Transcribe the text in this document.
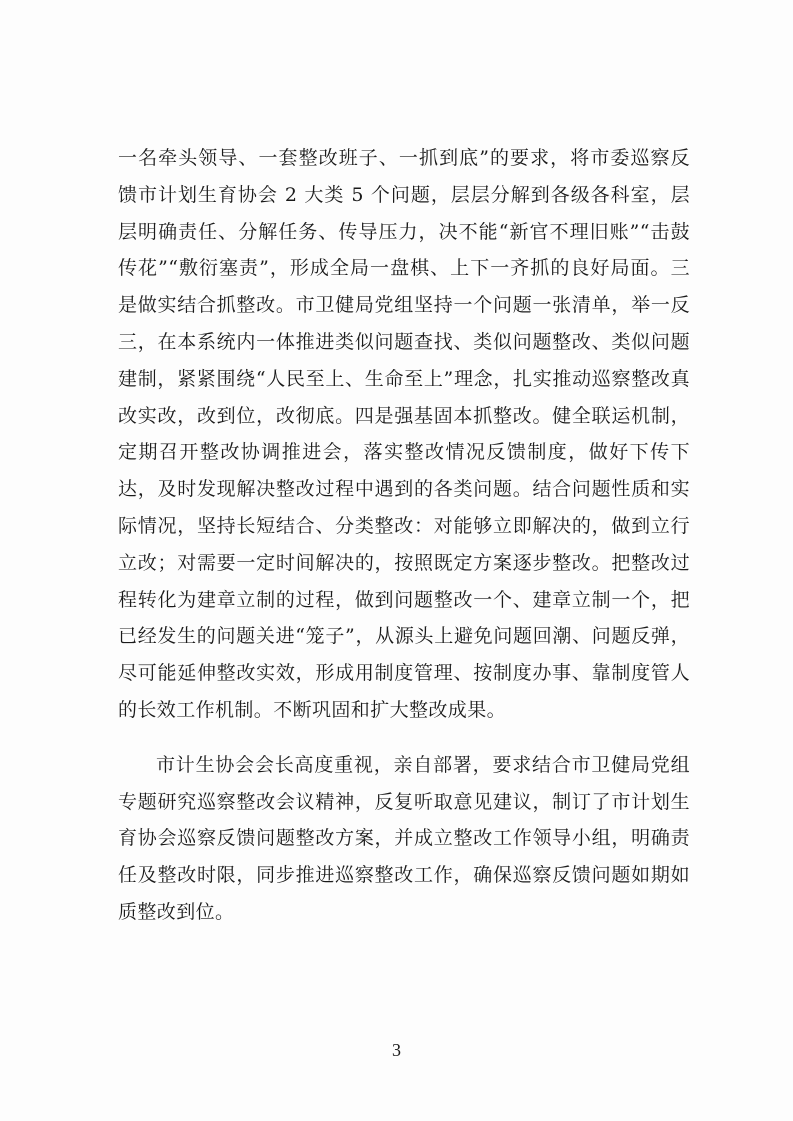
一名牵头领导、一套整改班子、一抓到底”的要求，将市委巡察反馈市计划生育协会 2 大类 5 个问题，层层分解到各级各科室，层层明确责任、分解任务、传导压力，决不能“新官不理旧账”“击鼓传花”“敷衍塞责”，形成全局一盘棋、上下一齐抓的良好局面。三是做实结合抓整改。市卫健局党组坚持一个问题一张清单，举一反三，在本系统内一体推进类似问题查找、类似问题整改、类似问题建制，紧紧围绕“人民至上、生命至上”理念，扎实推动巡察整改真改实改，改到位，改彻底。四是强基固本抓整改。健全联运机制，定期召开整改协调推进会，落实整改情况反馈制度，做好下传下达，及时发现解决整改过程中遇到的各类问题。结合问题性质和实际情况，坚持长短结合、分类整改：对能够立即解决的，做到立行立改；对需要一定时间解决的，按照既定方案逐步整改。把整改过程转化为建章立制的过程，做到问题整改一个、建章立制一个，把已经发生的问题关进“笼子”，从源头上避免问题回潮、问题反弹，尽可能延伸整改实效，形成用制度管理、按制度办事、靠制度管人的长效工作机制。不断巩固和扩大整改成果。

市计生协会会长高度重视，亲自部署，要求结合市卫健局党组专题研究巡察整改会议精神，反复听取意见建议，制订了市计划生育协会巡察反馈问题整改方案，并成立整改工作领导小组，明确责任及整改时限，同步推进巡察整改工作，确保巡察反馈问题如期如质整改到位。

3
